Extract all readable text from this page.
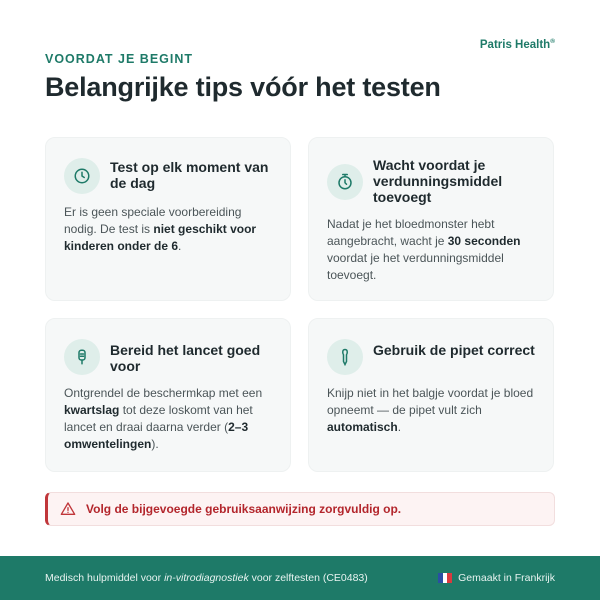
Patris Health®
VOORDAT JE BEGINT
Belangrijke tips vóór het testen
Test op elk moment van de dag
Er is geen speciale voorbereiding nodig. De test is niet geschikt voor kinderen onder de 6.
Wacht voordat je verdunningsmiddel toevoegt
Nadat je het bloedmonster hebt aangebracht, wacht je 30 seconden voordat je het verdunningsmiddel toevoegt.
Bereid het lancet goed voor
Ontgrendel de beschermkap met een kwartslag tot deze loskomt van het lancet en draai daarna verder (2–3 omwentelingen).
Gebruik de pipet correct
Knijp niet in het balgje voordat je bloed opneemt — de pipet vult zich automatisch.
Volg de bijgevoegde gebruiksaanwijzing zorgvuldig op.
Medisch hulpmiddel voor in-vitrodiagnostiek voor zelftesten (CE0483)	Gemaakt in Frankrijk
